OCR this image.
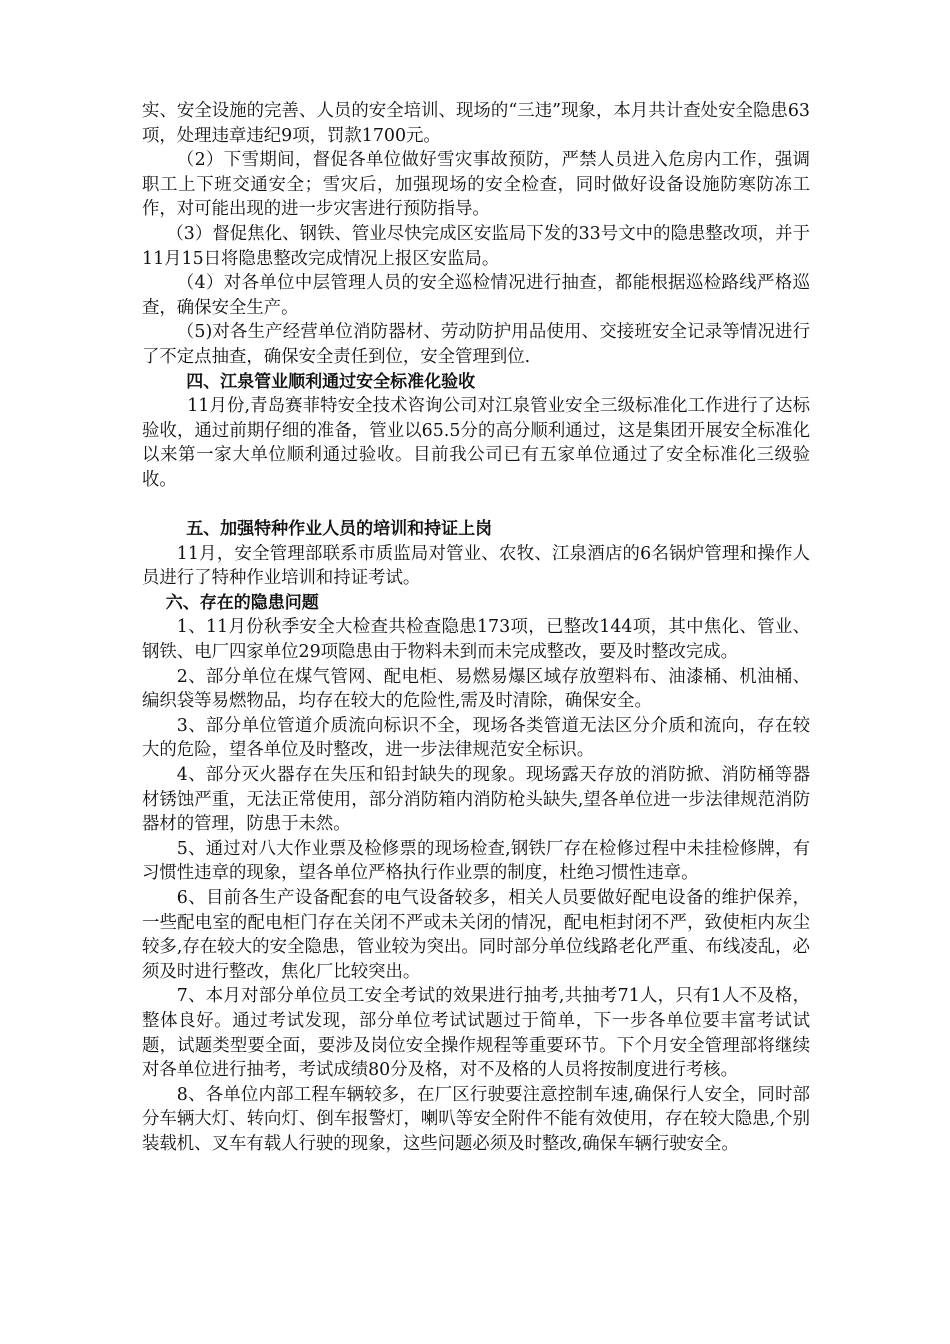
实、安全设施的完善、人员的安全培训、现场的“三违”现象，本月共计查处安全隐患63项，处理违章违纪9项，罚款1700元。

（2）下雪期间，督促各单位做好雪灾事故预防，严禁人员进入危房内工作，强调职工上下班交通安全；雪灾后，加强现场的安全检查，同时做好设备设施防寒防冻工作，对可能出现的进一步灾害进行预防指导。

（3）督促焦化、钢铁、管业尽快完成区安监局下发的33号文中的隐患整改项，并于11月15日将隐患整改完成情况上报区安监局。

（4）对各单位中层管理人员的安全巡检情况进行抽查，都能根据巡检路线严格巡查，确保安全生产。

（5)对各生产经营单位消防器材、劳动防护用品使用、交接班安全记录等情况进行了不定点抽查，确保安全责任到位，安全管理到位.

四、江泉管业顺利通过安全标准化验收

11月份,青岛赛菲特安全技术咨询公司对江泉管业安全三级标准化工作进行了达标验收，通过前期仔细的准备，管业以65.5分的高分顺利通过，这是集团开展安全标准化以来第一家大单位顺利通过验收。目前我公司已有五家单位通过了安全标准化三级验收。

五、加强特种作业人员的培训和持证上岗

11月，安全管理部联系市质监局对管业、农牧、江泉酒店的6名锅炉管理和操作人员进行了特种作业培训和持证考试。

六、存在的隐患问题

1、11月份秋季安全大检查共检查隐患173项，已整改144项，其中焦化、管业、钢铁、电厂四家单位29项隐患由于物料未到而未完成整改，要及时整改完成。

2、部分单位在煤气管网、配电柜、易燃易爆区域存放塑料布、油漆桶、机油桶、编织袋等易燃物品，均存在较大的危险性,需及时清除，确保安全。

3、部分单位管道介质流向标识不全，现场各类管道无法区分介质和流向，存在较大的危险，望各单位及时整改，进一步法律规范安全标识。

4、部分灭火器存在失压和铅封缺失的现象。现场露天存放的消防掀、消防桶等器材锈蚀严重，无法正常使用，部分消防箱内消防枪头缺失,望各单位进一步法律规范消防器材的管理，防患于未然。

5、通过对八大作业票及检修票的现场检查,钢铁厂存在检修过程中未挂检修牌，有习惯性违章的现象，望各单位严格执行作业票的制度，杜绝习惯性违章。

6、目前各生产设备配套的电气设备较多，相关人员要做好配电设备的维护保养，一些配电室的配电柜门存在关闭不严或未关闭的情况，配电柜封闭不严，致使柜内灰尘较多,存在较大的安全隐患，管业较为突出。同时部分单位线路老化严重、布线凌乱，必须及时进行整改，焦化厂比较突出。

7、本月对部分单位员工安全考试的效果进行抽考,共抽考71人，只有1人不及格，整体良好。通过考试发现，部分单位考试试题过于简单，下一步各单位要丰富考试试题，试题类型要全面，要涉及岗位安全操作规程等重要环节。下个月安全管理部将继续对各单位进行抽考，考试成绩80分及格，对不及格的人员将按制度进行考核。

8、各单位内部工程车辆较多，在厂区行驶要注意控制车速,确保行人安全，同时部分车辆大灯、转向灯、倒车报警灯，喇叭等安全附件不能有效使用，存在较大隐患,个别装载机、叉车有载人行驶的现象，这些问题必须及时整改,确保车辆行驶安全。
